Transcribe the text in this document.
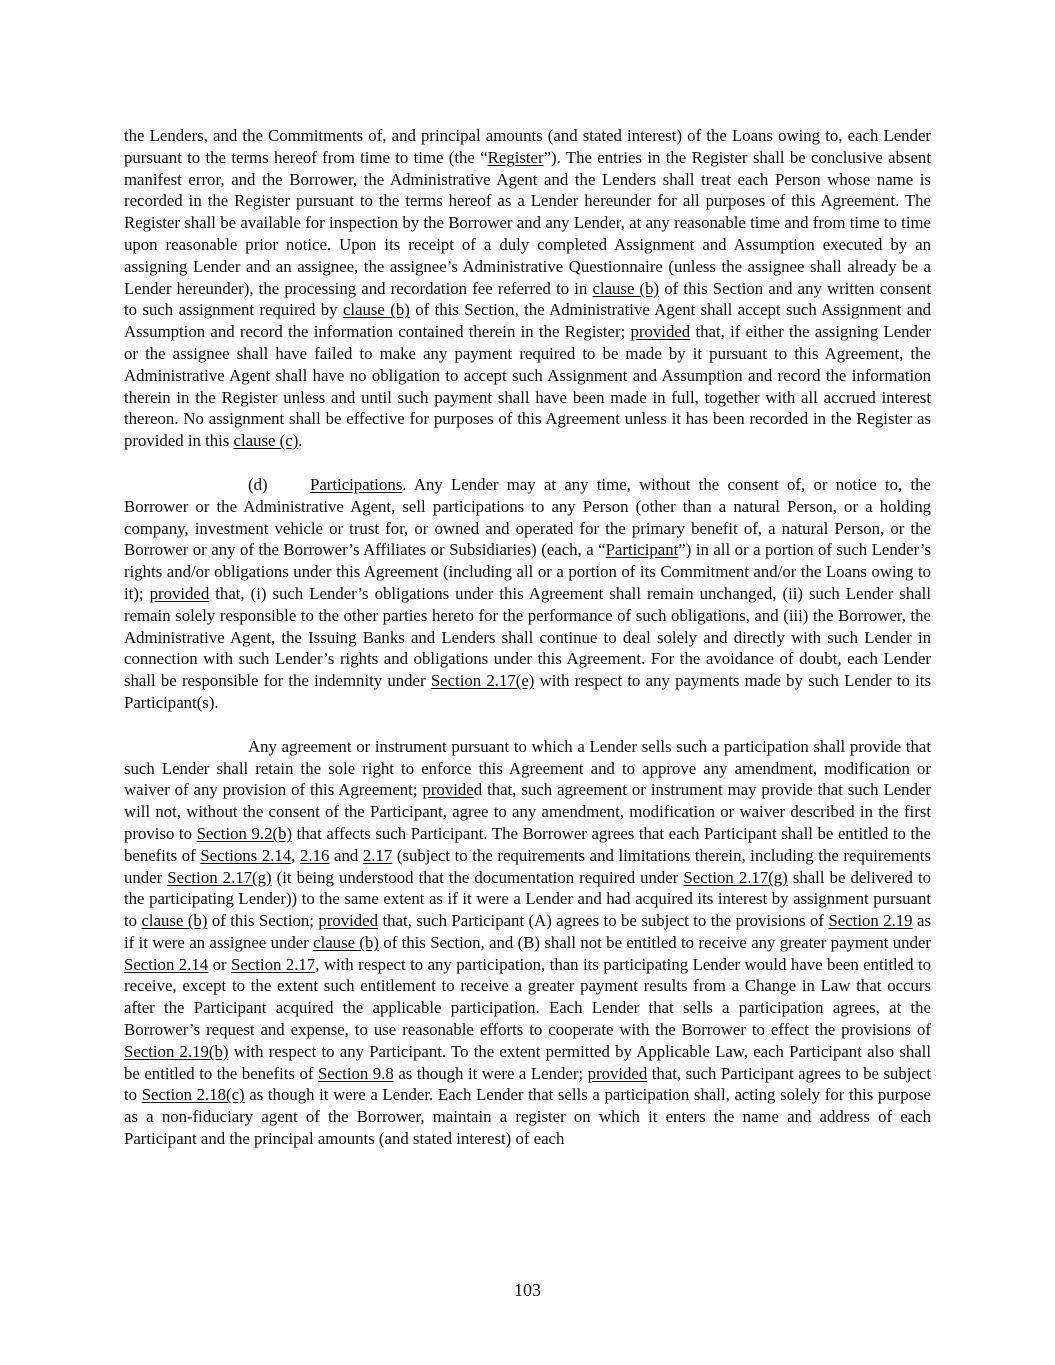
the Lenders, and the Commitments of, and principal amounts (and stated interest) of the Loans owing to, each Lender pursuant to the terms hereof from time to time (the “Register”). The entries in the Register shall be conclusive absent manifest error, and the Borrower, the Administrative Agent and the Lenders shall treat each Person whose name is recorded in the Register pursuant to the terms hereof as a Lender hereunder for all purposes of this Agreement. The Register shall be available for inspection by the Borrower and any Lender, at any reasonable time and from time to time upon reasonable prior notice. Upon its receipt of a duly completed Assignment and Assumption executed by an assigning Lender and an assignee, the assignee’s Administrative Questionnaire (unless the assignee shall already be a Lender hereunder), the processing and recordation fee referred to in clause (b) of this Section and any written consent to such assignment required by clause (b) of this Section, the Administrative Agent shall accept such Assignment and Assumption and record the information contained therein in the Register; provided that, if either the assigning Lender or the assignee shall have failed to make any payment required to be made by it pursuant to this Agreement, the Administrative Agent shall have no obligation to accept such Assignment and Assumption and record the information therein in the Register unless and until such payment shall have been made in full, together with all accrued interest thereon. No assignment shall be effective for purposes of this Agreement unless it has been recorded in the Register as provided in this clause (c).

(d)	Participations. Any Lender may at any time, without the consent of, or notice to, the Borrower or the Administrative Agent, sell participations to any Person (other than a natural Person, or a holding company, investment vehicle or trust for, or owned and operated for the primary benefit of, a natural Person, or the Borrower or any of the Borrower’s Affiliates or Subsidiaries) (each, a “Participant”) in all or a portion of such Lender’s rights and/or obligations under this Agreement (including all or a portion of its Commitment and/or the Loans owing to it); provided that, (i) such Lender’s obligations under this Agreement shall remain unchanged, (ii) such Lender shall remain solely responsible to the other parties hereto for the performance of such obligations, and (iii) the Borrower, the Administrative Agent, the Issuing Banks and Lenders shall continue to deal solely and directly with such Lender in connection with such Lender’s rights and obligations under this Agreement. For the avoidance of doubt, each Lender shall be responsible for the indemnity under Section 2.17(e) with respect to any payments made by such Lender to its Participant(s).

Any agreement or instrument pursuant to which a Lender sells such a participation shall provide that such Lender shall retain the sole right to enforce this Agreement and to approve any amendment, modification or waiver of any provision of this Agreement; provided that, such agreement or instrument may provide that such Lender will not, without the consent of the Participant, agree to any amendment, modification or waiver described in the first proviso to Section 9.2(b) that affects such Participant. The Borrower agrees that each Participant shall be entitled to the benefits of Sections 2.14, 2.16 and 2.17 (subject to the requirements and limitations therein, including the requirements under Section 2.17(g) (it being understood that the documentation required under Section 2.17(g) shall be delivered to the participating Lender)) to the same extent as if it were a Lender and had acquired its interest by assignment pursuant to clause (b) of this Section; provided that, such Participant (A) agrees to be subject to the provisions of Section 2.19 as if it were an assignee under clause (b) of this Section, and (B) shall not be entitled to receive any greater payment under Section 2.14 or Section 2.17, with respect to any participation, than its participating Lender would have been entitled to receive, except to the extent such entitlement to receive a greater payment results from a Change in Law that occurs after the Participant acquired the applicable participation. Each Lender that sells a participation agrees, at the Borrower’s request and expense, to use reasonable efforts to cooperate with the Borrower to effect the provisions of Section 2.19(b) with respect to any Participant. To the extent permitted by Applicable Law, each Participant also shall be entitled to the benefits of Section 9.8 as though it were a Lender; provided that, such Participant agrees to be subject to Section 2.18(c) as though it were a Lender. Each Lender that sells a participation shall, acting solely for this purpose as a non-fiduciary agent of the Borrower, maintain a register on which it enters the name and address of each Participant and the principal amounts (and stated interest) of each

103
